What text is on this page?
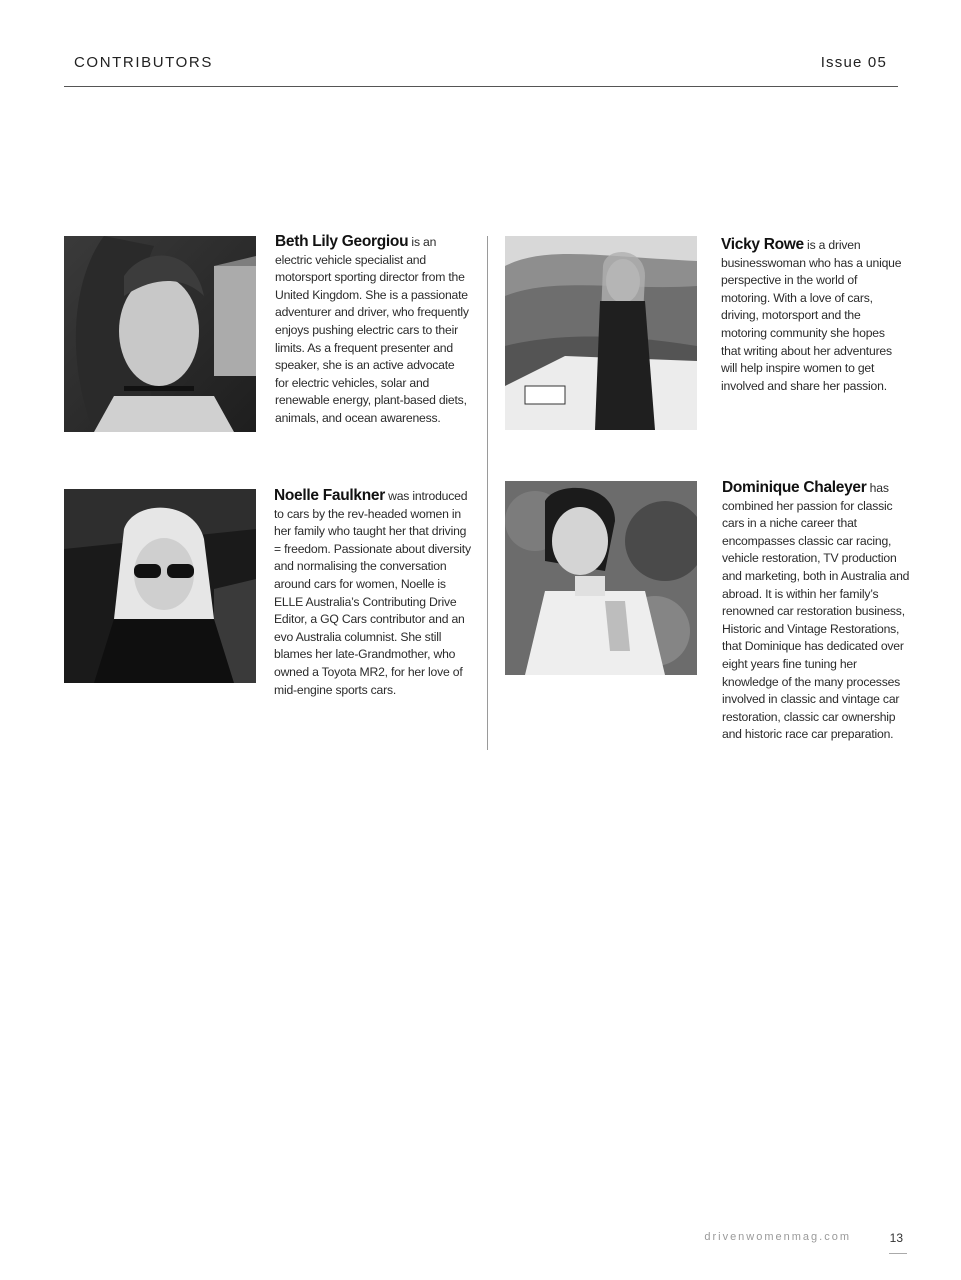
CONTRIBUTORS	Issue 05
Beth Lily Georgiou is an electric vehicle specialist and motorsport sporting director from the United Kingdom. She is a passionate adventurer and driver, who frequently enjoys pushing electric cars to their limits. As a frequent presenter and speaker, she is an active advocate for electric vehicles, solar and renewable energy, plant-based diets, animals, and ocean awareness.
Vicky Rowe is a driven businesswoman who has a unique perspective in the world of motoring. With a love of cars, driving, motorsport and the motoring community she hopes that writing about her adventures will help inspire women to get involved and share her passion.
Noelle Faulkner was introduced to cars by the rev-headed women in her family who taught her that driving = freedom. Passionate about diversity and normalising the conversation around cars for women, Noelle is ELLE Australia’s Contributing Drive Editor, a GQ Cars contributor and an evo Australia columnist. She still blames her late-Grandmother, who owned a Toyota MR2, for her love of mid-engine sports cars.
Dominique Chaleyer has combined her passion for classic cars in a niche career that encompasses classic car racing, vehicle restoration, TV production and marketing, both in Australia and abroad. It is within her family’s renowned car restoration business, Historic and Vintage Restorations, that Dominique has dedicated over eight years fine tuning her knowledge of the many processes involved in classic and vintage car restoration, classic car ownership and historic race car preparation.
drivenwomenmag.com	13
